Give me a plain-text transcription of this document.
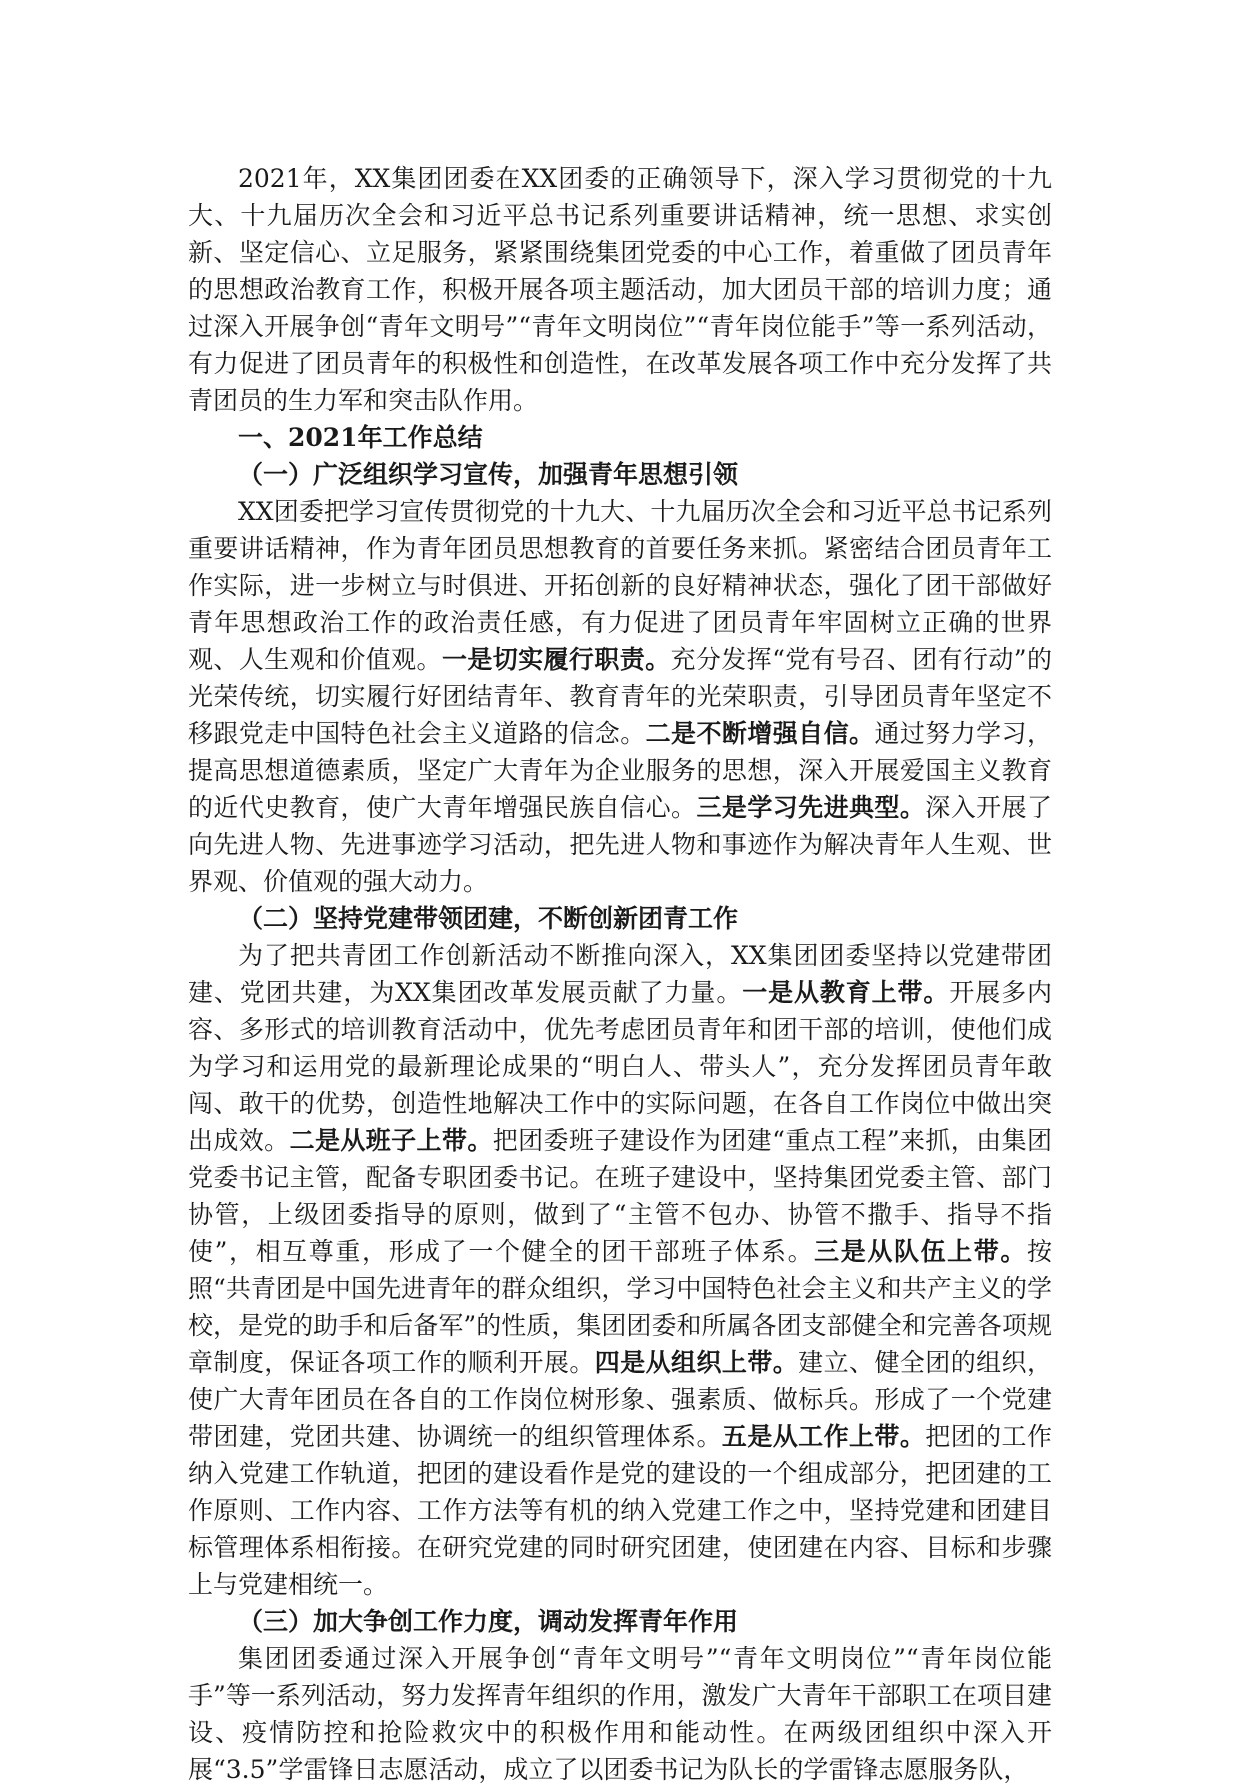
2021年，XX集团团委在XX团委的正确领导下，深入学习贯彻党的十九大、十九届历次全会和习近平总书记系列重要讲话精神，统一思想、求实创新、坚定信心、立足服务，紧紧围绕集团党委的中心工作，着重做了团员青年的思想政治教育工作，积极开展各项主题活动，加大团员干部的培训力度；通过深入开展争创“青年文明号”“青年文明岗位”“青年岗位能手”等一系列活动，有力促进了团员青年的积极性和创造性，在改革发展各项工作中充分发挥了共青团员的生力军和突击队作用。

一、2021年工作总结
（一）广泛组织学习宣传，加强青年思想引领

XX团委把学习宣传贯彻党的十九大、十九届历次全会和习近平总书记系列重要讲话精神，作为青年团员思想教育的首要任务来抓。紧密结合团员青年工作实际，进一步树立与时俱进、开拓创新的良好精神状态，强化了团干部做好青年思想政治工作的政治责任感，有力促进了团员青年牢固树立正确的世界观、人生观和价值观。一是切实履行职责。充分发挥“党有号召、团有行动”的光荣传统，切实履行好团结青年、教育青年的光荣职责，引导团员青年坚定不移跟党走中国特色社会主义道路的信念。二是不断增强自信。通过努力学习，提高思想道德素质，坚定广大青年为企业服务的思想，深入开展爱国主义教育的近代史教育，使广大青年增强民族自信心。三是学习先进典型。深入开展了向先进人物、先进事迹学习活动，把先进人物和事迹作为解决青年人生观、世界观、价值观的强大动力。

（二）坚持党建带领团建，不断创新团青工作

为了把共青团工作创新活动不断推向深入，XX集团团委坚持以党建带团建、党团共建，为XX集团改革发展贡献了力量。一是从教育上带。开展多内容、多形式的培训教育活动中，优先考虑团员青年和团干部的培训，使他们成为学习和运用党的最新理论成果的“明白人、带头人”，充分发挥团员青年敢闯、敢干的优势，创造性地解决工作中的实际问题，在各自工作岗位中做出突出成效。二是从班子上带。把团委班子建设作为团建“重点工程”来抓，由集团党委书记主管，配备专职团委书记。在班子建设中，坚持集团党委主管、部门协管，上级团委指导的原则，做到了“主管不包办、协管不撒手、指导不指使”，相互尊重，形成了一个健全的团干部班子体系。三是从队伍上带。按照“共青团是中国先进青年的群众组织，学习中国特色社会主义和共产主义的学校，是党的助手和后备军”的性质，集团团委和所属各团支部健全和完善各项规章制度，保证各项工作的顺利开展。四是从组织上带。建立、健全团的组织，使广大青年团员在各自的工作岗位树形象、强素质、做标兵。形成了一个党建带团建，党团共建、协调统一的组织管理体系。五是从工作上带。把团的工作纳入党建工作轨道，把团的建设看作是党的建设的一个组成部分，把团建的工作原则、工作内容、工作方法等有机的纳入党建工作之中，坚持党建和团建目标管理体系相衔接。在研究党建的同时研究团建，使团建在内容、目标和步骤上与党建相统一。

（三）加大争创工作力度，调动发挥青年作用

集团团委通过深入开展争创“青年文明号”“青年文明岗位”“青年岗位能手”等一系列活动，努力发挥青年组织的作用，激发广大青年干部职工在项目建设、疫情防控和抢险救灾中的积极作用和能动性。在两级团组织中深入开展“3.5”学雷锋日志愿活动，成立了以团委书记为队长的学雷锋志愿服务队，
